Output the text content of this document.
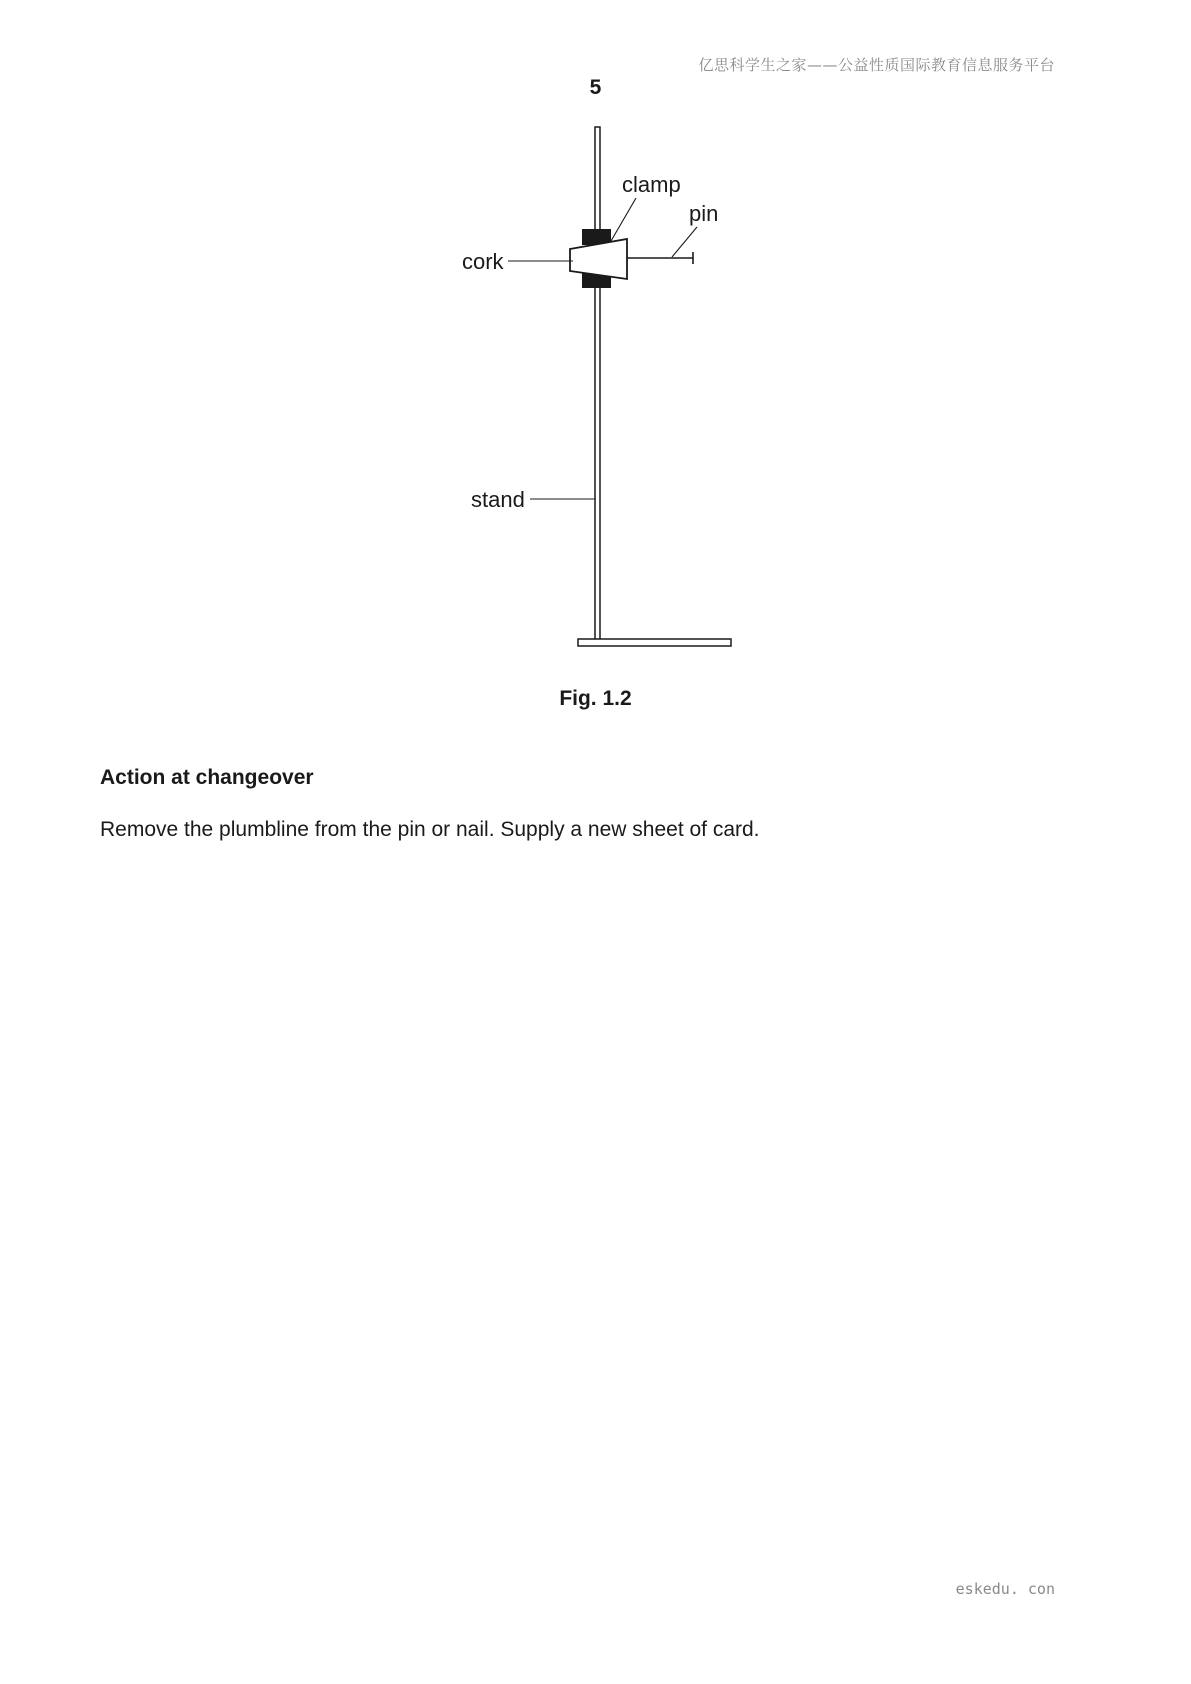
亿思科学生之家——公益性质国际教育信息服务平台
5
clamp
pin
cork
stand
Fig. 1.2
Action at changeover
Remove the plumbline from the pin or nail. Supply a new sheet of card.
eskedu. con
